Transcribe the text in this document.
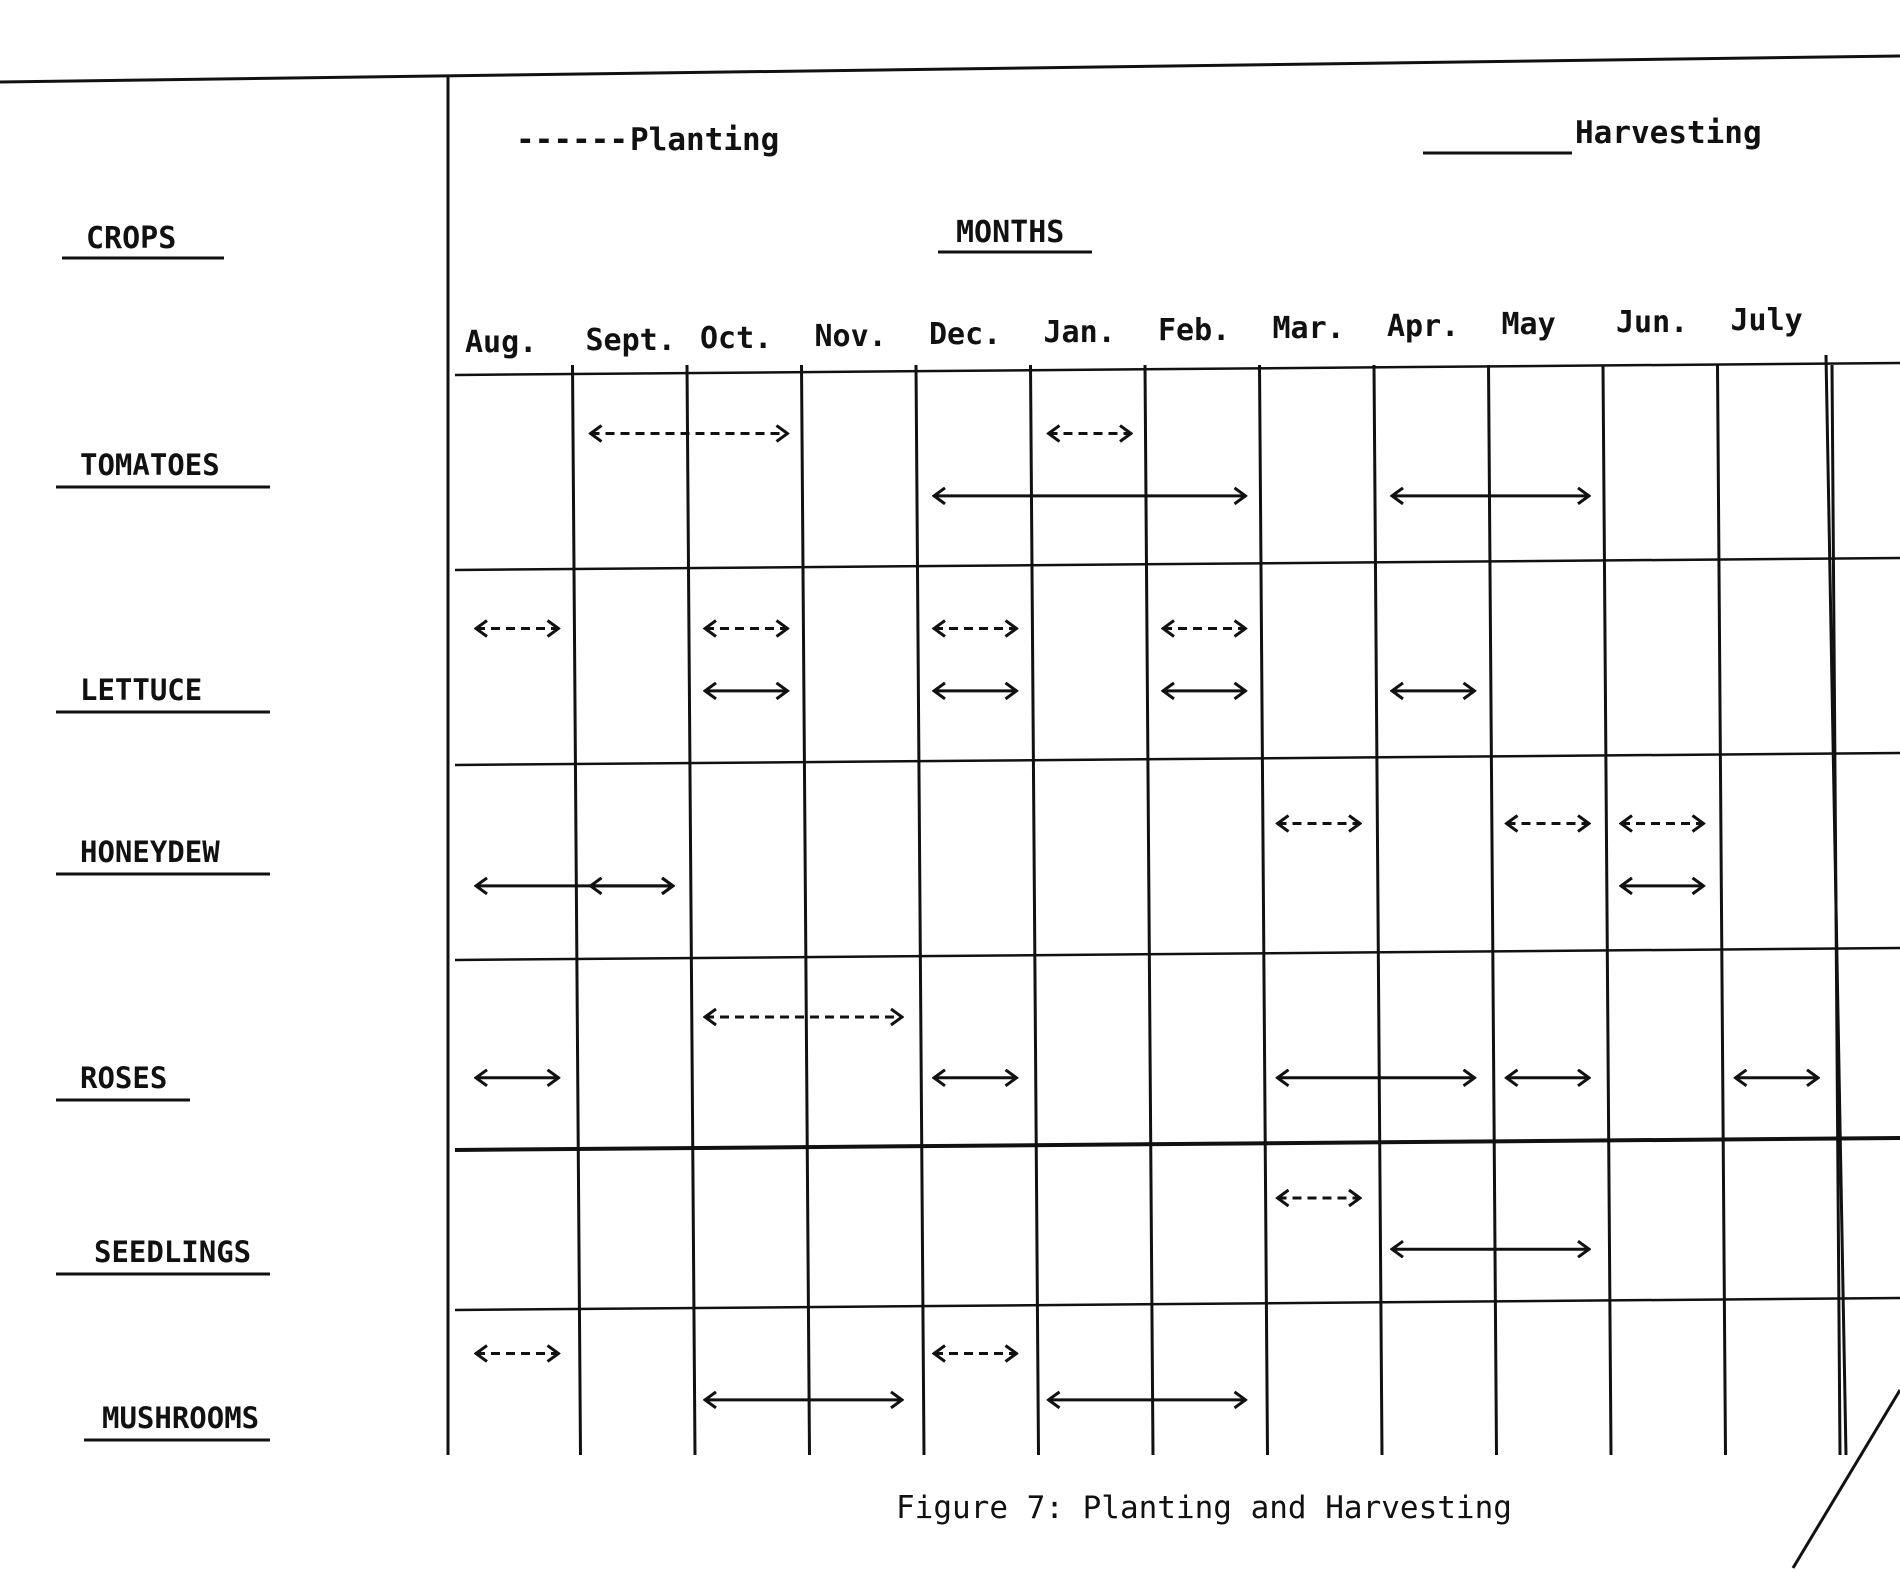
------ Planting	Harvesting
CROPS	MONTHS
Aug. Sept. Oct. Nov. Dec. Jan. Feb. Mar. Apr. May Jun. July
TOMATOES
LETTUCE
HONEYDEW
ROSES
SEEDLINGS
MUSHROOMS
Figure 7: Planting and Harvesting
